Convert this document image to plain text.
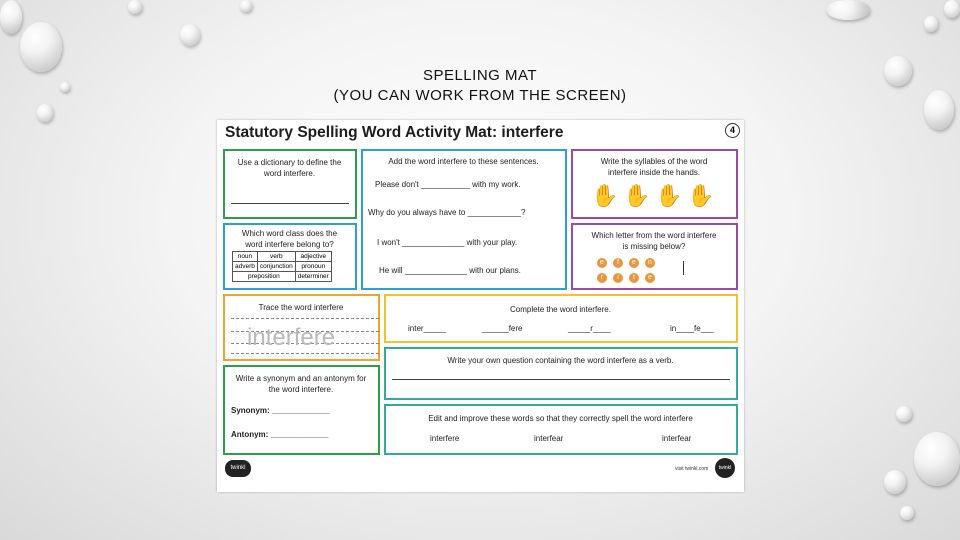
SPELLING MAT
(YOU CAN WORK FROM THE SCREEN)
Statutory Spelling Word Activity Mat: interfere	4
Use a dictionary to define the
word interfere.
Add the word interfere to these sentences.
Please don't ___________ with my work.
Why do you always have to ____________?
I won't ______________ with your play.
He will ______________ with our plans.
Write the syllables of the word
interfere inside the hands.
✋ ✋ ✋ ✋
Which word class does the
word interfere belong to?
noun	verb	adjective
adverb	conjunction	pronoun
preposition		determiner
Which letter from the word interfere
is missing below?
e	f	e	n
r	i	t	e
Trace the word interfere
interfere
Complete the word interfere.
inter_____	______fere	_____r____	in____fe___
Write your own question containing the word interfere as a verb.
Write a synonym and an antonym for
the word interfere.
Synonym: _____________
Antonym: _____________
Edit and improve these words so that they correctly spell the word interfere
interfere	interfear	interfear
twinkl	visit twinkl.com	twinkl
